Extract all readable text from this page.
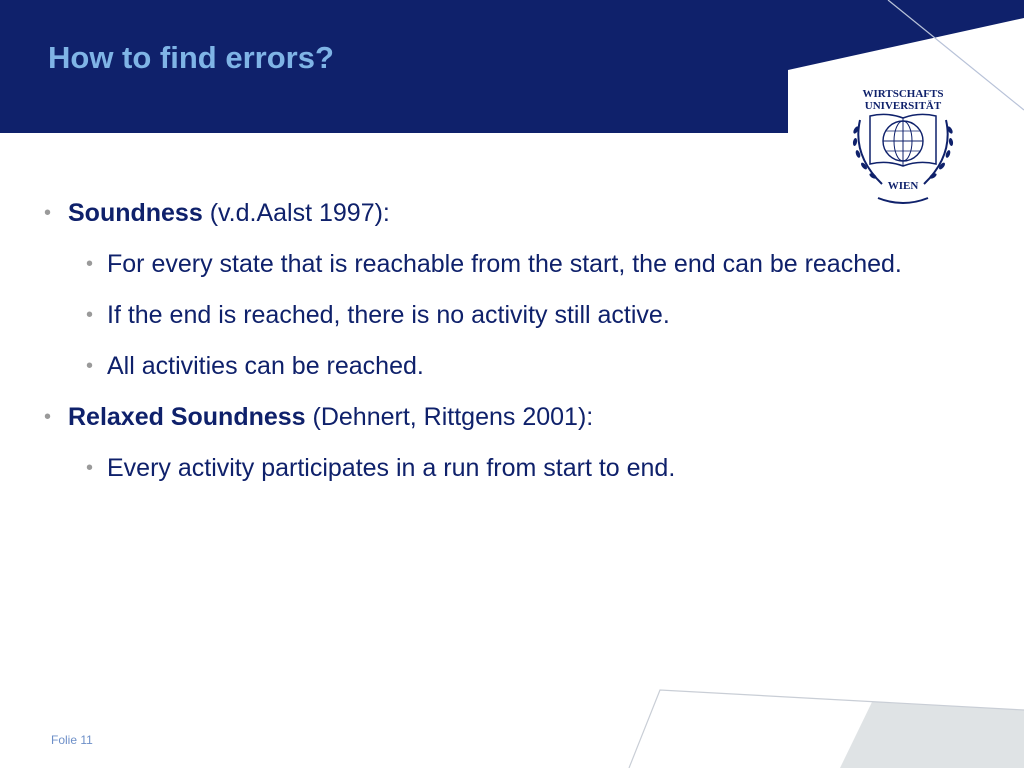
How to find errors?
WIRTSCHAFTS
UNIVERSITÄT
WIEN
• Soundness (v.d.Aalst 1997):
• For every state that is reachable from the start, the end can be reached.
• If the end is reached, there is no activity still active.
• All activities can be reached.
• Relaxed Soundness (Dehnert, Rittgens 2001):
• Every activity participates in a run from start to end.
Folie 11
